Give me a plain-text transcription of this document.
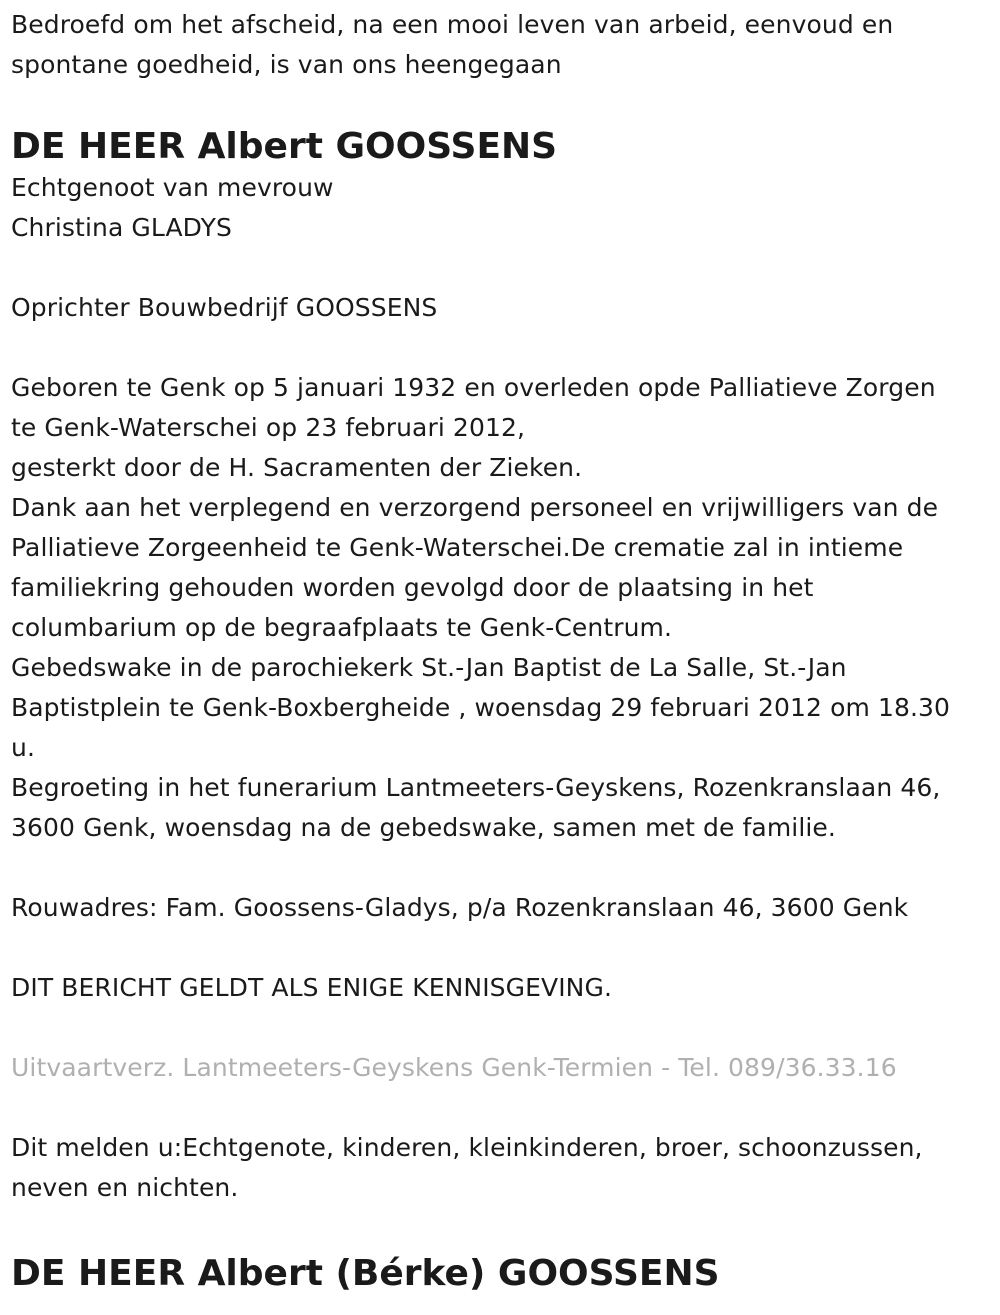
Bedroefd om het afscheid, na een mooi leven van arbeid, eenvoud en
spontane goedheid, is van ons heengegaan
DE HEER Albert GOOSSENS
Echtgenoot van mevrouw
Christina GLADYS
Oprichter Bouwbedrijf GOOSSENS
Geboren te Genk op 5 januari 1932 en overleden opde Palliatieve Zorgen
te Genk-Waterschei op 23 februari 2012,
gesterkt door de H. Sacramenten der Zieken.
Dank aan het verplegend en verzorgend personeel en vrijwilligers van de
Palliatieve Zorgeenheid te Genk-Waterschei.De crematie zal in intieme
familiekring gehouden worden gevolgd door de plaatsing in het
columbarium op de begraafplaats te Genk-Centrum.
Gebedswake in de parochiekerk St.-Jan Baptist de La Salle, St.-Jan
Baptistplein te Genk-Boxbergheide , woensdag 29 februari 2012 om 18.30
u.
Begroeting in het funerarium Lantmeeters-Geyskens, Rozenkranslaan 46,
3600 Genk, woensdag na de gebedswake, samen met de familie.
Rouwadres: Fam. Goossens-Gladys, p/a Rozenkranslaan 46, 3600 Genk
DIT BERICHT GELDT ALS ENIGE KENNISGEVING.
Uitvaartverz. Lantmeeters-Geyskens Genk-Termien - Tel. 089/36.33.16
Dit melden u:Echtgenote, kinderen, kleinkinderen, broer, schoonzussen,
neven en nichten.
DE HEER Albert (Bérke) GOOSSENS
